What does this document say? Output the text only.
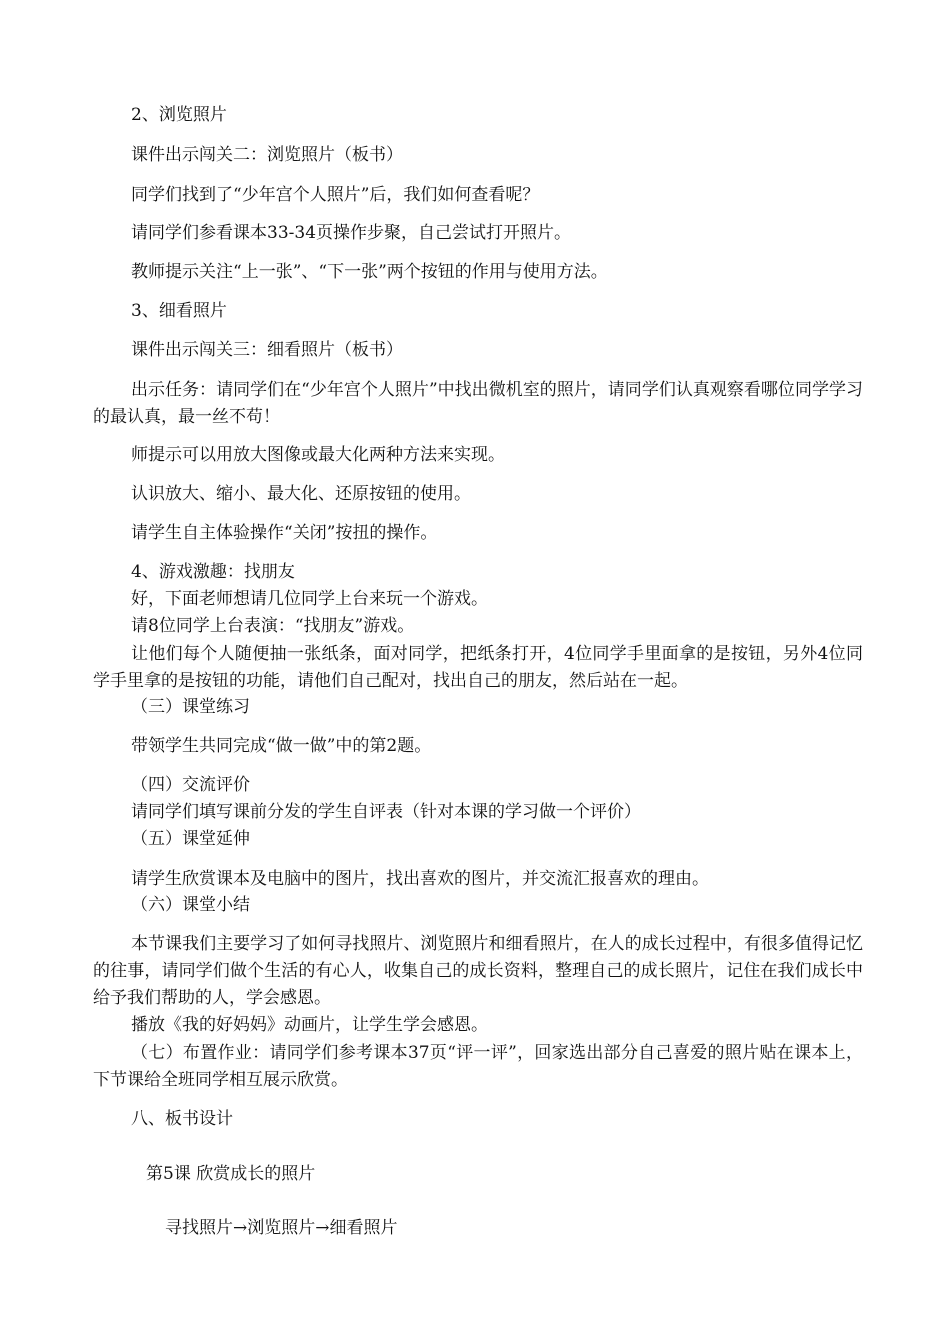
2、浏览照片
课件出示闯关二：浏览照片（板书）
同学们找到了“少年宫个人照片”后，我们如何查看呢？
请同学们参看课本33-34页操作步聚，自己尝试打开照片。
教师提示关注“上一张”、“下一张”两个按钮的作用与使用方法。
3、细看照片
课件出示闯关三：细看照片（板书）
出示任务：请同学们在“少年宫个人照片”中找出微机室的照片，请同学们认真观察看哪位同学学习的最认真，最一丝不苟！
师提示可以用放大图像或最大化两种方法来实现。
认识放大、缩小、最大化、还原按钮的使用。
请学生自主体验操作“关闭”按扭的操作。
4、游戏激趣：找朋友
好，下面老师想请几位同学上台来玩一个游戏。
请8位同学上台表演：“找朋友”游戏。
让他们每个人随便抽一张纸条，面对同学，把纸条打开，4位同学手里面拿的是按钮，另外4位同学手里拿的是按钮的功能，请他们自己配对，找出自己的朋友，然后站在一起。
（三）课堂练习
带领学生共同完成“做一做”中的第2题。
（四）交流评价
请同学们填写课前分发的学生自评表（针对本课的学习做一个评价）
（五）课堂延伸
请学生欣赏课本及电脑中的图片，找出喜欢的图片，并交流汇报喜欢的理由。
（六）课堂小结
本节课我们主要学习了如何寻找照片、浏览照片和细看照片，在人的成长过程中，有很多值得记忆的往事，请同学们做个生活的有心人，收集自己的成长资料，整理自己的成长照片，记住在我们成长中给予我们帮助的人，学会感恩。
播放《我的好妈妈》动画片，让学生学会感恩。
（七）布置作业：请同学们参考课本37页“评一评”，回家选出部分自己喜爱的照片贴在课本上，下节课给全班同学相互展示欣赏。
八、板书设计
第5课 欣赏成长的照片
寻找照片→浏览照片→细看照片
